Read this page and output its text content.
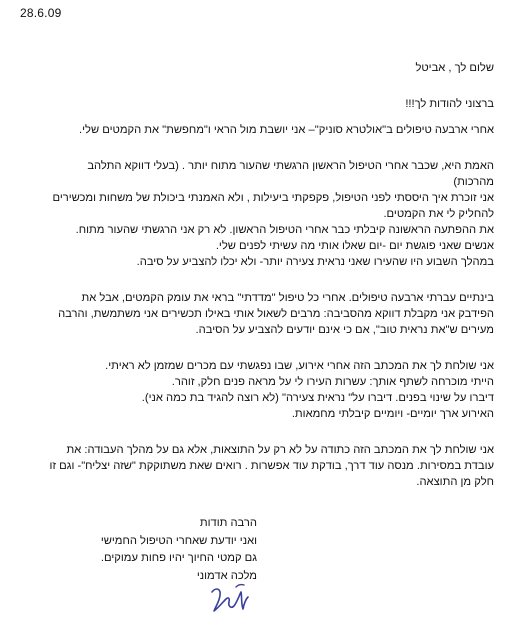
28.6.09
שלום לך , אביטל
ברצוני להודות לך!!!
אחרי ארבעה טיפולים ב"אולטרא סוניק"– אני יושבת מול הראי ו"מחפשת" את הקמטים שלי.
האמת היא, שכבר אחרי הטיפול הראשון הרגשתי שהעור מתוח יותר . (בעלי דווקא התלהב
מהרכות)
אני זוכרת איך היססתי לפני הטיפול, פקפקתי ביעילות , ולא האמנתי ביכולת של משחות ומכשירים
להחליק לי את הקמטים.
את ההפתעה הראשונה קיבלתי כבר אחרי הטיפול הראשון. לא רק אני הרגשתי שהעור מתוח.
אנשים שאני פוגשת יום -יום שאלו אותי מה עשיתי לפנים שלי.
במהלך השבוע היו שהעירו שאני נראית צעירה יותר- ולא יכלו להצביע על סיבה.
בינתיים עברתי ארבעה טיפולים. אחרי כל טיפול "מדדתי" בראי את עומק הקמטים, אבל את
הפידבק אני מקבלת דווקא מהסביבה: מרבים לשאול אותי באילו תכשירים אני משתמשת, והרבה
מעירים ש"את נראית טוב", אם כי אינם יודעים להצביע על הסיבה.
אני שולחת לך את המכתב הזה אחרי אירוע, שבו נפגשתי עם מכרים שמזמן לא ראיתי.
הייתי מוכרחה לשתף אותך: עשרות העירו לי על מראה פנים חלק, זוהר.
דיברו על שינוי בפנים. דיברו על" נראית צעירה" (לא רוצה להגיד בת כמה אני).
האירוע ארך יומיים- ויומיים קיבלתי מחמאות.
אני שולחת לך את המכתב הזה כתודה על לא רק על התוצאות, אלא גם על מהלך העבודה: את
עובדת במסירות. מנסה עוד דרך, בודקת עוד אפשרות . רואים שאת משתוקקת "שזה יצליח"- וגם זו
חלק מן התוצאה.
הרבה תודות
ואני יודעת שאחרי הטיפול החמישי
גם קמטי החיוך יהיו פחות עמוקים.
מלכה אדמוני
